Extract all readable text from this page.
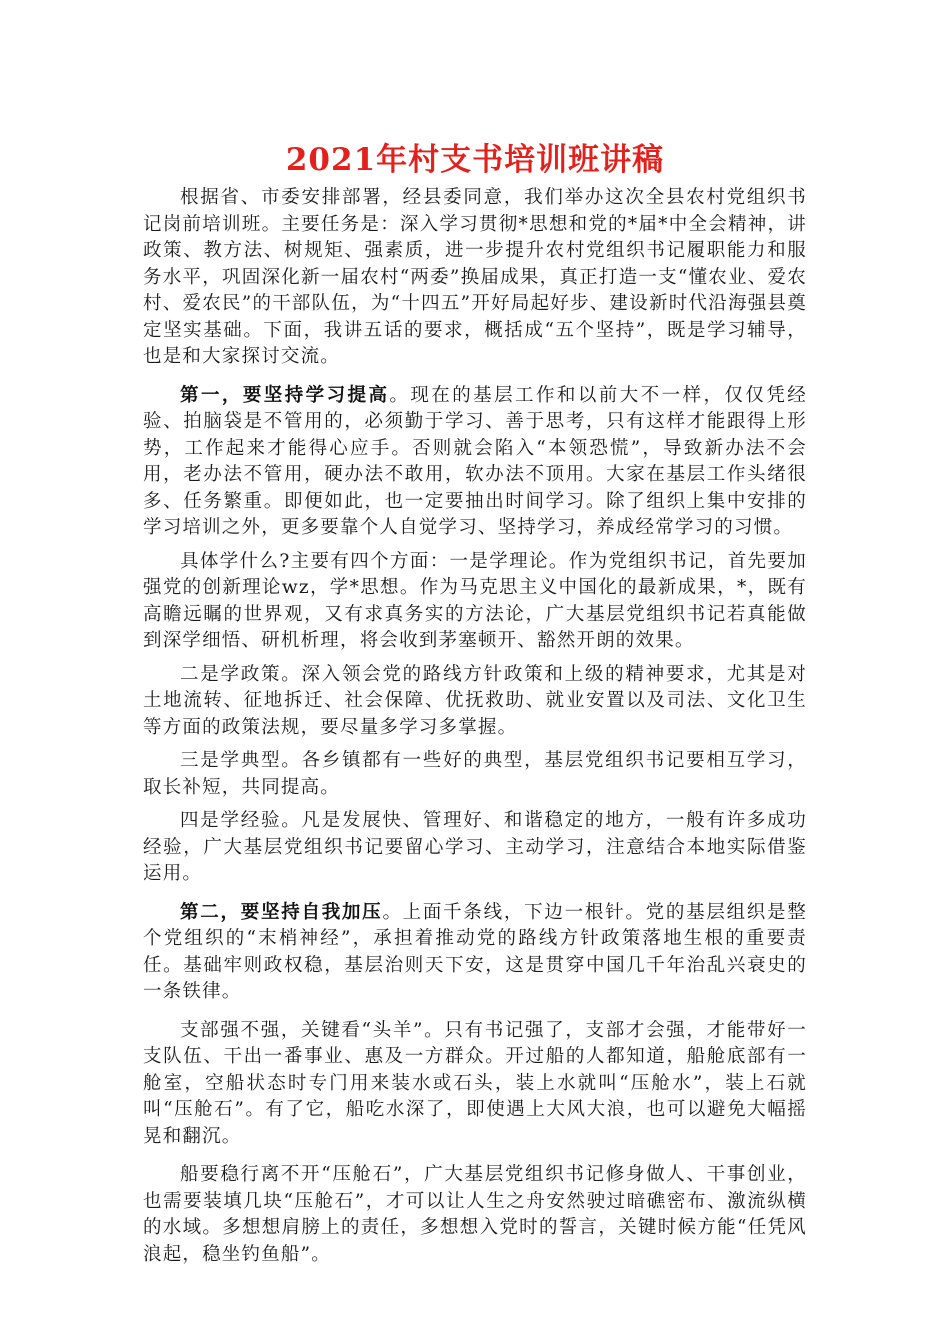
2021年村支书培训班讲稿

根据省、市委安排部署，经县委同意，我们举办这次全县农村党组织书记岗前培训班。主要任务是：深入学习贯彻*思想和党的*届*中全会精神，讲政策、教方法、树规矩、强素质，进一步提升农村党组织书记履职能力和服务水平，巩固深化新一届农村“两委”换届成果，真正打造一支“懂农业、爱农村、爱农民”的干部队伍，为“十四五”开好局起好步、建设新时代沿海强县奠定坚实基础。下面，我讲五话的要求，概括成“五个坚持”，既是学习辅导，也是和大家探讨交流。

第一，要坚持学习提高。现在的基层工作和以前大不一样，仅仅凭经验、拍脑袋是不管用的，必须勤于学习、善于思考，只有这样才能跟得上形势，工作起来才能得心应手。否则就会陷入“本领恐慌”，导致新办法不会用，老办法不管用，硬办法不敢用，软办法不顶用。大家在基层工作头绪很多、任务繁重。即便如此，也一定要抽出时间学习。除了组织上集中安排的学习培训之外，更多要靠个人自觉学习、坚持学习，养成经常学习的习惯。

具体学什么?主要有四个方面：一是学理论。作为党组织书记，首先要加强党的创新理论wz，学*思想。作为马克思主义中国化的最新成果，*，既有高瞻远瞩的世界观，又有求真务实的方法论，广大基层党组织书记若真能做到深学细悟、研机析理，将会收到茅塞顿开、豁然开朗的效果。

二是学政策。深入领会党的路线方针政策和上级的精神要求，尤其是对土地流转、征地拆迁、社会保障、优抚救助、就业安置以及司法、文化卫生等方面的政策法规，要尽量多学习多掌握。

三是学典型。各乡镇都有一些好的典型，基层党组织书记要相互学习，取长补短，共同提高。

四是学经验。凡是发展快、管理好、和谐稳定的地方，一般有许多成功经验，广大基层党组织书记要留心学习、主动学习，注意结合本地实际借鉴运用。

第二，要坚持自我加压。上面千条线，下边一根针。党的基层组织是整个党组织的“末梢神经”，承担着推动党的路线方针政策落地生根的重要责任。基础牢则政权稳，基层治则天下安，这是贯穿中国几千年治乱兴衰史的一条铁律。

支部强不强，关键看“头羊”。只有书记强了，支部才会强，才能带好一支队伍、干出一番事业、惠及一方群众。开过船的人都知道，船舱底部有一舱室，空船状态时专门用来装水或石头，装上水就叫“压舱水”，装上石就叫“压舱石”。有了它，船吃水深了，即使遇上大风大浪，也可以避免大幅摇晃和翻沉。

船要稳行离不开“压舱石”，广大基层党组织书记修身做人、干事创业，也需要装填几块“压舱石”，才可以让人生之舟安然驶过暗礁密布、激流纵横的水域。多想想肩膀上的责任，多想想入党时的誓言，关键时候方能“任凭风浪起，稳坐钓鱼船”。
